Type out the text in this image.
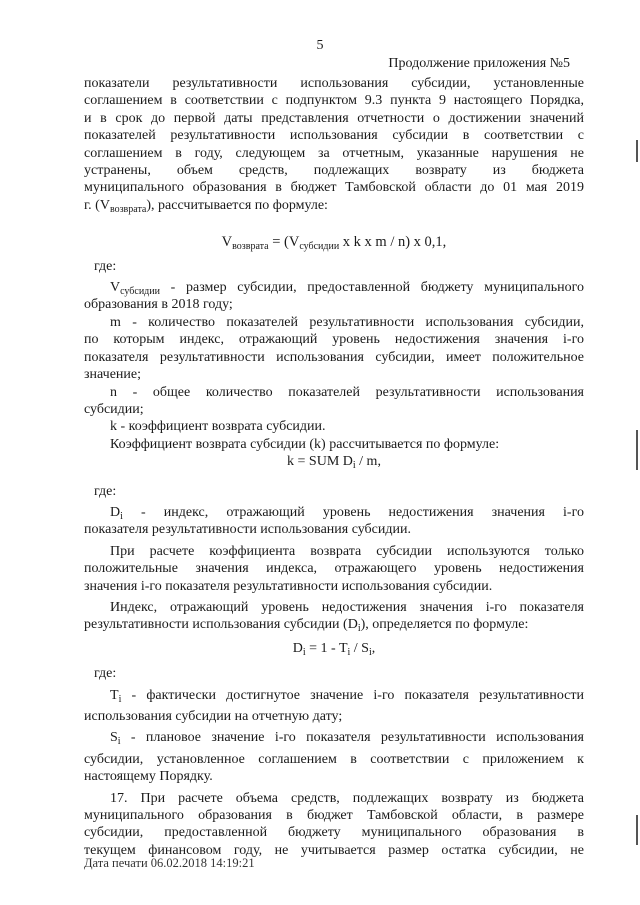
5
Продолжение приложения №5

показатели результативности использования субсидии, установленные

соглашением в соответствии с подпунктом 9.3 пункта 9 настоящего Порядка,

и в срок до первой даты представления отчетности о достижении значений

показателей результативности использования субсидии в соответствии с

соглашением в году, следующем за отчетным, указанные нарушения не

устранены, объем средств, подлежащих возврату из бюджета

муниципального образования в бюджет Тамбовской области до 01 мая 2019

г. $(V_{возврата})$, рассчитывается по формуле:

$V_{возврата} = (V_{субсидии}$ x k x m / n) x 0,1,

где:

$V_{субсидии}$ - размер субсидии, предоставленной бюджету муниципального

образования в 2018 году;

m - количество показателей результативности использования субсидии,

по которым индекс, отражающий уровень недостижения значения i-го

показателя результативности использования субсидии, имеет положительное

значение;

n - общее количество показателей результативности использования

субсидии;

k - коэффициент возврата субсидии.

Коэффициент возврата субсидии (k) рассчитывается по формуле:

k = SUM $D_i$ / m,

где:

$D_i$ - индекс, отражающий уровень недостижения значения i-го

показателя результативности использования субсидии.

При расчете коэффициента возврата субсидии используются только

положительные значения индекса, отражающего уровень недостижения

значения i-го показателя результативности использования субсидии.

Индекс, отражающий уровень недостижения значения i-го показателя

результативности использования субсидии $(D_i)$, определяется по формуле:

$D_i = 1 - T_i / S_i$,

где:

$T_i$ - фактически достигнутое значение i-го показателя результативности

использования субсидии на отчетную дату;

$S_i$ - плановое значение i-го показателя результативности использования

субсидии, установленное соглашением в соответствии с приложением к

настоящему Порядку.

17. При расчете объема средств, подлежащих возврату из бюджета

муниципального образования в бюджет Тамбовской области, в размере

субсидии, предоставленной бюджету муниципального образования в

текущем финансовом году, не учитывается размер остатка субсидии, не

Дата печати 06.02.2018 14:19:21
